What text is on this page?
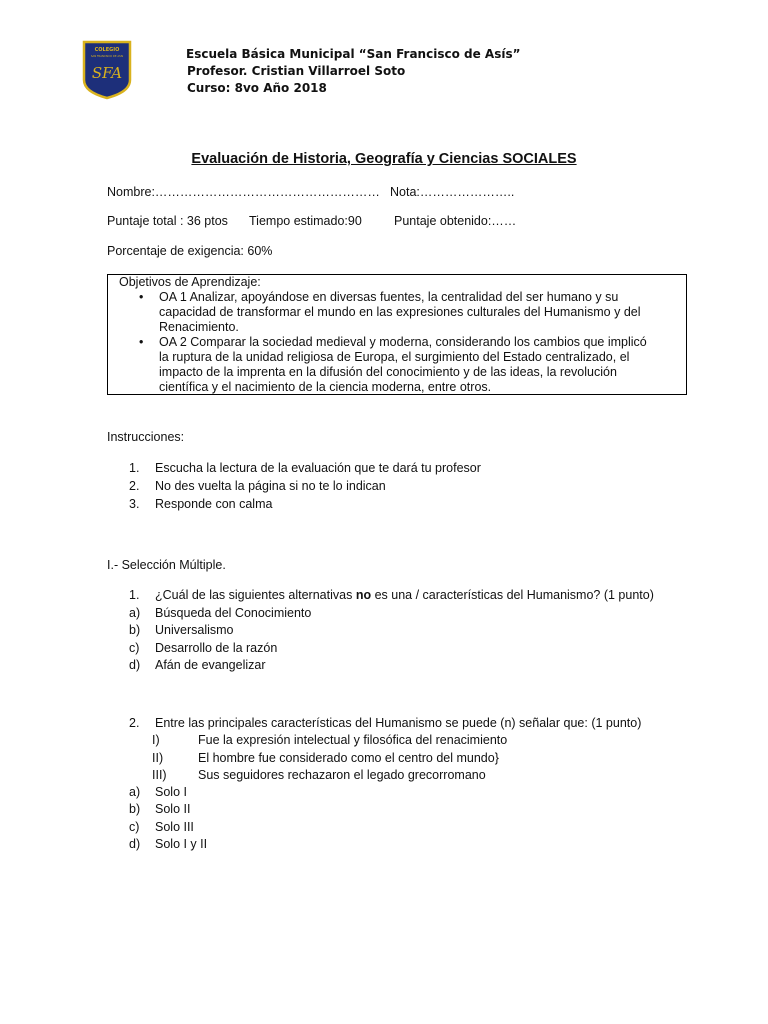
COLEGIO
SAN FRANCISCO DE ASIS
SFA
Escuela Básica Municipal “San Francisco de Asís”
Profesor. Cristian Villarroel Soto
Curso: 8vo Año 2018
Evaluación de Historia, Geografía y Ciencias SOCIALES
Nombre:……………………………………………… Nota:…………………..
Puntaje total : 36 ptos Tiempo estimado:90	Puntaje obtenido:……
Porcentaje de exigencia: 60%
Objetivos de Aprendizaje:
• OA 1 Analizar, apoyándose en diversas fuentes, la centralidad del ser humano y su
capacidad de transformar el mundo en las expresiones culturales del Humanismo y del
Renacimiento.
• OA 2 Comparar la sociedad medieval y moderna, considerando los cambios que implicó
la ruptura de la unidad religiosa de Europa, el surgimiento del Estado centralizado, el
impacto de la imprenta en la difusión del conocimiento y de las ideas, la revolución
científica y el nacimiento de la ciencia moderna, entre otros.
Instrucciones:
1. Escucha la lectura de la evaluación que te dará tu profesor
2. No des vuelta la página si no te lo indican
3. Responde con calma
I.- Selección Múltiple.
1. ¿Cuál de las siguientes alternativas no es una / características del Humanismo? (1 punto)
a) Búsqueda del Conocimiento
b) Universalismo
c) Desarrollo de la razón
d) Afán de evangelizar
2. Entre las principales características del Humanismo se puede (n) señalar que: (1 punto)
I)	Fue la expresión intelectual y filosófica del renacimiento
II)	El hombre fue considerado como el centro del mundo}
III)	Sus seguidores rechazaron el legado grecorromano
a) Solo I
b) Solo II
c) Solo III
d) Solo I y II
